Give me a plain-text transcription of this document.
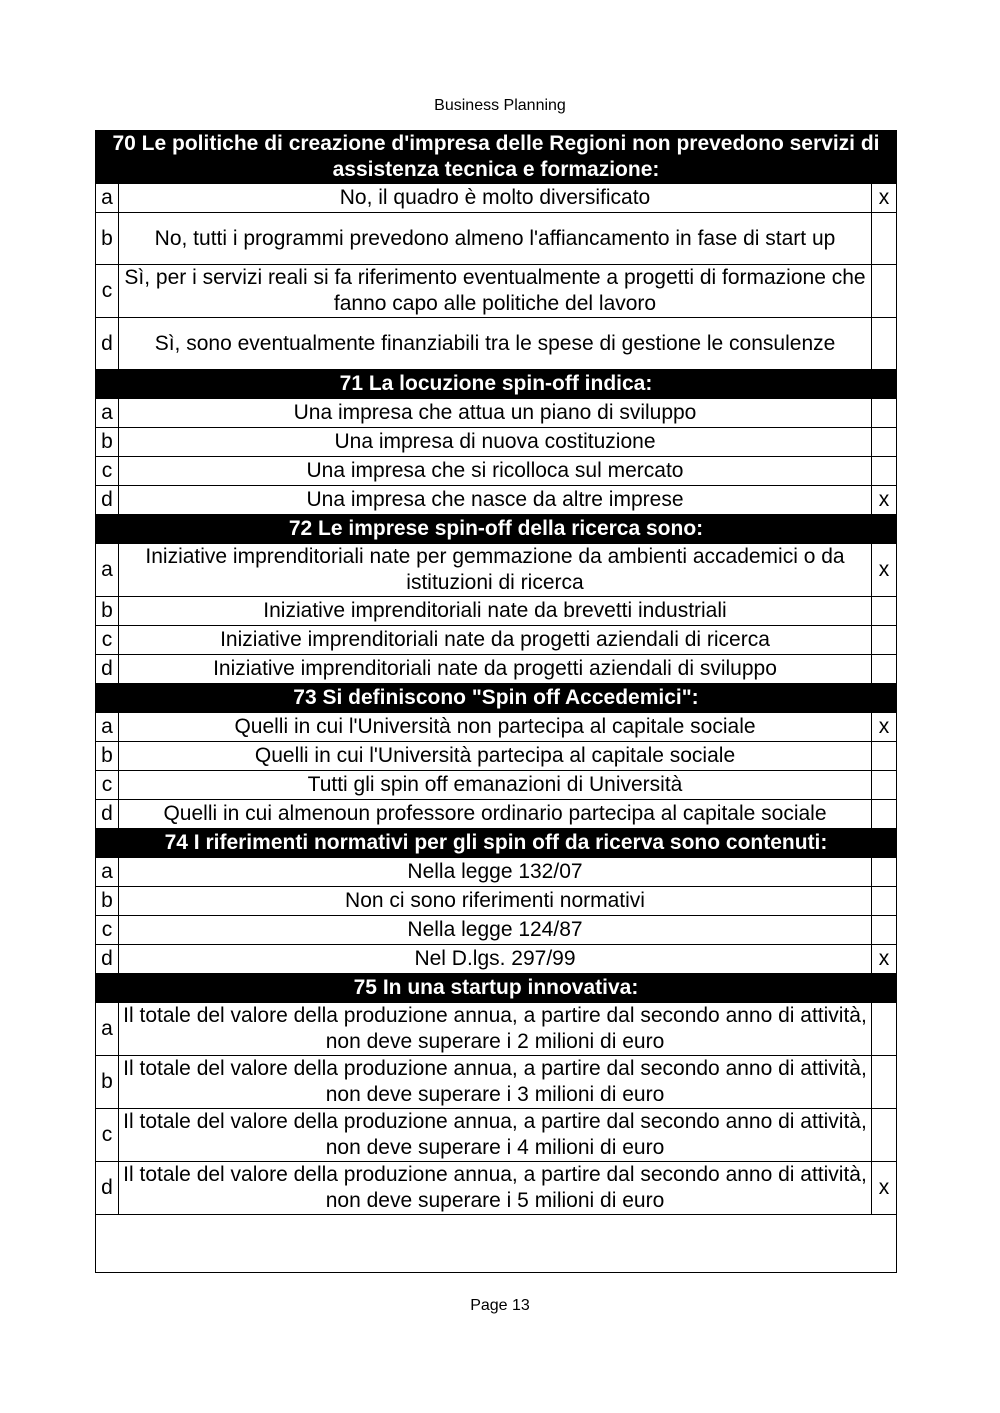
Business Planning
70 Le politiche di creazione d'impresa delle Regioni non prevedono servizi di assistenza tecnica e formazione:		
a	No, il quadro è molto diversificato	x
b	No, tutti i programmi prevedono almeno l'affiancamento in fase di start up	
c	Sì, per i servizi reali si fa riferimento eventualmente a progetti di formazione che fanno capo alle politiche del lavoro	
d	Sì, sono eventualmente finanziabili tra le spese di gestione le consulenze	
71 La locuzione spin-off indica:		
a	Una impresa che attua un piano di sviluppo	
b	Una impresa di nuova costituzione	
c	Una impresa che si ricolloca sul mercato	
d	Una impresa che nasce da altre imprese	x
72 Le imprese spin-off della ricerca sono:		
a	Iniziative imprenditoriali nate per gemmazione da ambienti accademici o da istituzioni di ricerca	x
b	Iniziative imprenditoriali nate da brevetti industriali	
c	Iniziative imprenditoriali nate da progetti aziendali di ricerca	
d	Iniziative imprenditoriali nate da progetti aziendali di sviluppo	
73 Si definiscono "Spin off Accedemici":		
a	Quelli in cui l'Università non partecipa al capitale sociale	x
b	Quelli in cui l'Università partecipa al capitale sociale	
c	Tutti gli spin off emanazioni di Università	
d	Quelli in cui almenoun professore ordinario partecipa al capitale sociale	
74 I riferimenti normativi per gli spin off da ricerva sono contenuti:		
a	Nella legge 132/07	
b	Non ci sono riferimenti normativi	
c	Nella legge 124/87	
d	Nel D.lgs. 297/99	x
75 In una startup innovativa:		
a	Il totale del valore della produzione annua, a partire dal secondo anno di attività, non deve superare i 2 milioni di euro	
b	Il totale del valore della produzione annua, a partire dal secondo anno di attività, non deve superare i 3 milioni di euro	
c	Il totale del valore della produzione annua, a partire dal secondo anno di attività, non deve superare i 4 milioni di euro	
d	Il totale del valore della produzione annua, a partire dal secondo anno di attività, non deve superare i 5 milioni di euro	x

Page 13
